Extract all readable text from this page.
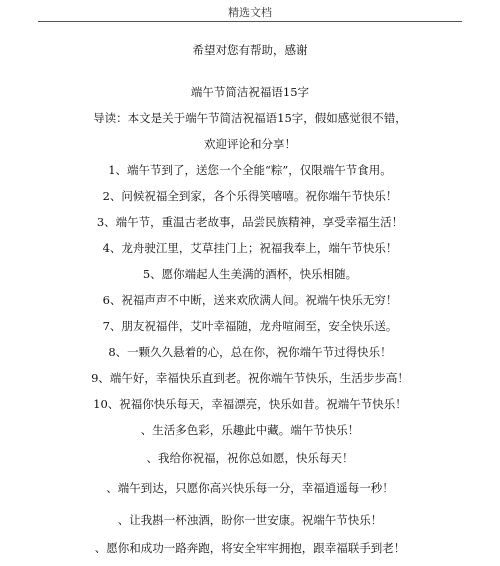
精选文档
希望对您有帮助，感谢
端午节简洁祝福语15字
导读：本文是关于端午节简洁祝福语15字，假如感觉很不错，
欢迎评论和分享！
1、端午节到了，送您一个全能“粽”，仅限端午节食用。
2、问候祝福全到家，各个乐得笑嘻嘻。祝你端午节快乐！
3、端午节，重温古老故事，品尝民族精神，享受幸福生活！
4、龙舟驶江里，艾草挂门上；祝福我奉上，端午节快乐！
5、愿你端起人生美满的酒杯，快乐相随。
6、祝福声声不中断，送来欢欣满人间。祝端午快乐无穷！
7、朋友祝福伴，艾叶幸福随，龙舟喧闹至，安全快乐送。
8、一颗久久悬着的心，总在你，祝你端午节过得快乐！
9、端午好，幸福快乐直到老。祝你端午节快乐，生活步步高！
10、祝福你快乐每天，幸福漂亮，快乐如昔。祝端午节快乐！
、生活多色彩，乐趣此中藏。端午节快乐！
、我给你祝福，祝你总如愿，快乐每天！
、端午到达，只愿你高兴快乐每一分，幸福逍遥每一秒！
、让我斟一杯浊酒，盼你一世安康。祝端午节快乐！
、愿你和成功一路奔跑，将安全牢牢拥抱，跟幸福联手到老！
